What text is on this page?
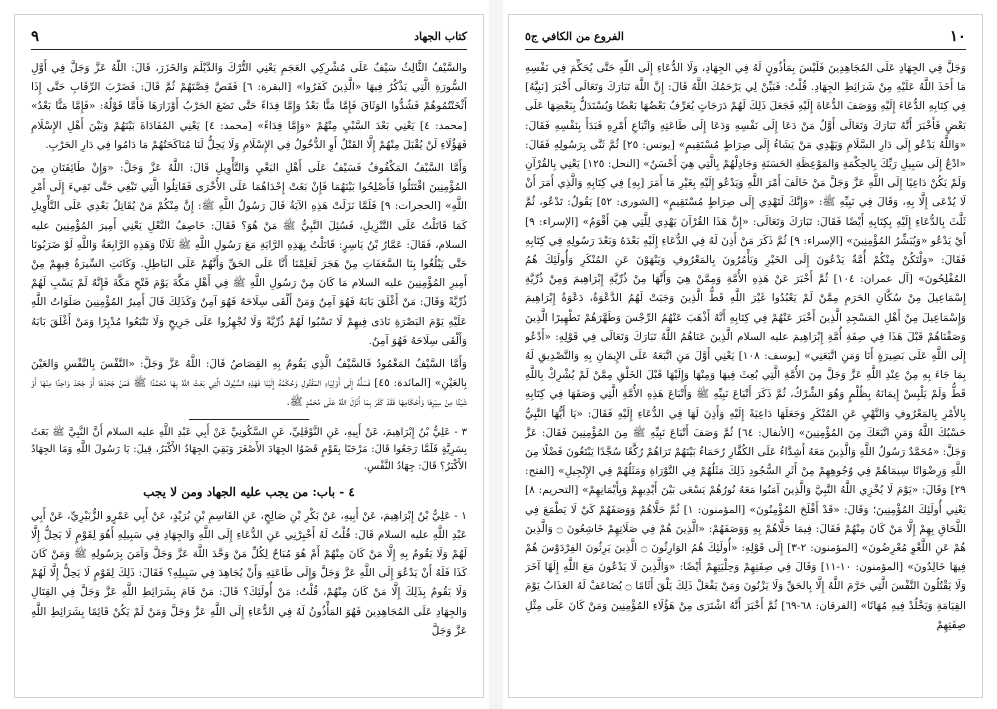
٩	كتاب الجهاد

والسَّيْفُ الثَّالِثُ سَيْفٌ عَلَى مُشْرِكِي العَجَمِ يَعْنِي التُّرْكَ وَالدَّيْلَمَ وَالخَزَرَ، قَالَ: اللَّهُ عَزَّ وَجَلَّ فِي أَوَّلِ السُّورَةِ الَّتِي يَذْكُرُ فِيهَا «الَّذِينَ كَفَرُوا» [البقرة: ٦] فَقَصَّ قِصَّتَهُمْ ثُمَّ قَالَ: فَضَرْبَ الرِّقَابِ حَتَّى إِذَا أَثْخَنْتُمُوهُمْ فَشُدُّوا الوَثَاقَ فَإِمَّا مَنًّا بَعْدُ وَإِمَّا فِدَاءً حَتَّى تَضَعَ الحَرْبُ أَوْزَارَهَا فَأَمَّا قَوْلُهُ: «فَإِمَّا مَنًّا بَعْدُ» [محمد: ٤] يَعْنِي بَعْدَ السَّبْيِ مِنْهُمْ «وَإِمَّا فِدَاءً» [محمد: ٤] يَعْنِي المُفَادَاةَ بَيْنَهُمْ وَبَيْنَ أَهْلِ الإِسْلَامِ فَهَؤُلَاءِ لَنْ يُقْبَلَ مِنْهُمْ إِلَّا القَتْلُ أَوِ الدُّخُولُ فِي الإِسْلَامِ وَلَا يَحِلُّ لَنَا مُنَاكَحَتُهُمْ مَا دَامُوا فِي دَارِ الحَرْبِ.

وَأَمَّا السَّيْفُ المَكْفُوفُ فَسَيْفٌ عَلَى أَهْلِ البَغْيِ وَالتَّأْوِيلِ قَالَ: اللَّهُ عَزَّ وَجَلَّ: «وَإِنْ طَائِفَتَانِ مِنَ المُؤْمِنِينَ اقْتَتَلُوا فَأَصْلِحُوا بَيْنَهُمَا فَإِنْ بَغَتْ إِحْدَاهُمَا عَلَى الأُخْرَى فَقَاتِلُوا الَّتِي تَبْغِي حَتَّى تَفِيءَ إِلَى أَمْرِ اللَّهِ» [الحجرات: ٩] فَلَمَّا نَزَلَتْ هَذِهِ الآيَةُ قَالَ رَسُولُ اللَّهِ ﷺ: إِنَّ مِنْكُمْ مَنْ يُقَاتِلُ بَعْدِي عَلَى التَّأْوِيلِ كَمَا قَاتَلْتُ عَلَى التَّنْزِيلِ، فَسُئِلَ النَّبِيُّ ﷺ مَنْ هُوَ؟ فَقَالَ: خَاصِفُ النَّعْلِ يَعْنِي أَمِيرَ المُؤْمِنِينَ عليه السلام، فَقَالَ: عَمَّارُ بْنُ يَاسِرٍ: قَاتَلْتُ بِهَذِهِ الرَّايَةِ مَعَ رَسُولِ اللَّهِ ﷺ ثَلَاثًا وَهَذِهِ الرَّابِعَةُ وَاللَّهِ لَوْ ضَرَبُونَا حَتَّى يَبْلُغُوا بِنَا السَّعَفَاتِ مِنْ هَجَرَ لَعَلِمْنَا أَنَّا عَلَى الحَقِّ وَأَنَّهُمْ عَلَى البَاطِلِ. وَكَانَتِ السِّيرَةُ فِيهِمْ مِنْ أَمِيرِ المُؤْمِنِينَ عليه السلام مَا كَانَ مِنْ رَسُولِ اللَّهِ ﷺ فِي أَهْلِ مَكَّةَ يَوْمَ فَتْحِ مَكَّةَ فَإِنَّهُ لَمْ يَسْبِ لَهُمْ ذُرِّيَّةً وَقَالَ: مَنْ أَغْلَقَ بَابَهُ فَهُوَ آمِنٌ وَمَنْ أَلْقَى سِلَاحَهُ فَهُوَ آمِنٌ وَكَذَلِكَ قَالَ أَمِيرُ المُؤْمِنِينَ صَلَوَاتُ اللَّهِ عَلَيْهِ يَوْمَ البَصْرَةِ نَادَى فِيهِمْ لَا تَسْبُوا لَهُمْ ذُرِّيَّةً وَلَا تُجْهِزُوا عَلَى جَرِيحٍ وَلَا تَتْبَعُوا مُدْبِرًا وَمَنْ أَغْلَقَ بَابَهُ وَأَلْقَى سِلَاحَهُ فَهُوَ آمِنٌ.

وَأَمَّا السَّيْفُ المَغْمُودُ فَالسَّيْفُ الَّذِي يَقُومُ بِهِ القِصَاصُ قَالَ: اللَّهُ عَزَّ وَجَلَّ: «النَّفْسَ بِالنَّفْسِ وَالعَيْنَ بِالعَيْنِ» [المائدة: ٤٥] فَسَلُّهُ إِلَى أَوْلِيَاءِ المَقْتُولِ وَحُكْمُهُ إِلَيْنَا فَهَذِهِ السُّيُوفُ الَّتِي بَعَثَ اللَّهُ بِهَا مُحَمَّدًا ﷺ فَمَنْ جَحَدَهَا أَوْ جَحَدَ وَاحِدًا مِنْهَا أَوْ شَيْئًا مِنْ سِيَرِهَا وَأَحْكَامِهَا فَقَدْ كَفَرَ بِمَا أَنْزَلَ اللَّهُ عَلَى مُحَمَّدٍ ﷺ.

٣ - عَلِيُّ بْنُ إِبْرَاهِيمَ، عَنْ أَبِيهِ، عَنِ النَّوْفَلِيِّ، عَنِ السَّكُونِيِّ عَنْ أَبِي عَبْدِ اللَّهِ عليه السلام أَنَّ النَّبِيَّ ﷺ بَعَثَ بِسَرِيَّةٍ فَلَمَّا رَجَعُوا قَالَ: مَرْحَبًا بِقَوْمٍ قَضَوُا الجِهَادَ الأَصْغَرَ وَبَقِيَ الجِهَادُ الأَكْبَرُ، قِيلَ: يَا رَسُولَ اللَّهِ وَمَا الجِهَادُ الأَكْبَرُ؟ قَالَ: جِهَادُ النَّفْسِ.

٤ - باب: من يجب عليه الجهاد ومن لا يجب

١ - عَلِيُّ بْنُ إِبْرَاهِيمَ، عَنْ أَبِيهِ، عَنْ بَكْرِ بْنِ صَالِحٍ، عَنِ القَاسِمِ بْنِ بُرَيْدٍ، عَنْ أَبِي عَمْرٍو الزُّبَيْرِيِّ، عَنْ أَبِي عَبْدِ اللَّهِ عليه السلام قَالَ: قُلْتُ لَهُ أَخْبِرْنِي عَنِ الدُّعَاءِ إِلَى اللَّهِ وَالجِهَادِ فِي سَبِيلِهِ أَهُوَ لِقَوْمٍ لَا يَحِلُّ إِلَّا لَهُمْ وَلَا يَقُومُ بِهِ إِلَّا مَنْ كَانَ مِنْهُمْ أَمْ هُوَ مُبَاحٌ لِكُلِّ مَنْ وَحَّدَ اللَّهَ عَزَّ وَجَلَّ وَآمَنَ بِرَسُولِهِ ﷺ وَمَنْ كَانَ كَذَا فَلَهُ أَنْ يَدْعُوَ إِلَى اللَّهِ عَزَّ وَجَلَّ وَإِلَى طَاعَتِهِ وَأَنْ يُجَاهِدَ فِي سَبِيلِهِ؟ فَقَالَ: ذَلِكَ لِقَوْمٍ لَا يَحِلُّ إِلَّا لَهُمْ وَلَا يَقُومُ بِذَلِكَ إِلَّا مَنْ كَانَ مِنْهُمْ، قُلْتُ: مَنْ أُولَئِكَ؟ قَالَ: مَنْ قَامَ بِشَرَائِطِ اللَّهِ عَزَّ وَجَلَّ فِي القِتَالِ وَالجِهَادِ عَلَى المُجَاهِدِينَ فَهُوَ المَأْذُونُ لَهُ فِي الدُّعَاءِ إِلَى اللَّهِ عَزَّ وَجَلَّ وَمَنْ لَمْ يَكُنْ قَائِمًا بِشَرَائِطِ اللَّهِ عَزَّ وَجَلَّ

١٠
الفروع من الكافي ج٥

وَجَلَّ فِي الجِهَادِ عَلَى المُجَاهِدِينَ فَلَيْسَ بِمَأْذُونٍ لَهُ فِي الجِهَادِ، وَلَا الدُّعَاءِ إِلَى اللَّهِ حَتَّى يُحَكِّمَ فِي نَفْسِهِ مَا أَخَذَ اللَّهُ عَلَيْهِ مِنْ شَرَائِطِ الجِهَادِ. قُلْتُ: فَبَيِّنْ لِي يَرْحَمُكَ اللَّهُ قَالَ: إِنَّ اللَّهَ تَبَارَكَ وَتَعَالَى أَخْبَرَ [نَبِيَّهُ] فِي كِتَابِهِ الدُّعَاءَ إِلَيْهِ وَوَصَفَ الدُّعَاةَ إِلَيْهِ فَجَعَلَ ذَلِكَ لَهُمْ دَرَجَاتٍ يُعَرِّفُ بَعْضُهَا بَعْضًا وَيُسْتَدَلُّ بِبَعْضِهَا عَلَى بَعْضٍ فَأَخْبَرَ أَنَّهُ تَبَارَكَ وَتَعَالَى أَوَّلُ مَنْ دَعَا إِلَى نَفْسِهِ وَدَعَا إِلَى طَاعَتِهِ وَاتِّبَاعِ أَمْرِهِ فَبَدَأَ بِنَفْسِهِ فَقَالَ: «وَاللَّهُ يَدْعُو إِلَى دَارِ السَّلَامِ وَيَهْدِي مَنْ يَشَاءُ إِلَى صِرَاطٍ مُسْتَقِيمٍ» [يونس: ٢٥] ثُمَّ ثَنَّى بِرَسُولِهِ فَقَالَ: «ادْعُ إِلَى سَبِيلِ رَبِّكَ بِالحِكْمَةِ وَالمَوْعِظَةِ الحَسَنَةِ وَجَادِلْهُمْ بِالَّتِي هِيَ أَحْسَنُ» [النحل: ١٢٥] يَعْنِي بِالقُرْآنِ وَلَمْ يَكُنْ دَاعِيًا إِلَى اللَّهِ عَزَّ وَجَلَّ مَنْ خَالَفَ أَمْرَ اللَّهِ وَيَدْعُو إِلَيْهِ بِغَيْرِ مَا أَمَرَ [بِهِ] فِي كِتَابِهِ وَالَّذِي أَمَرَ أَنْ لَا يُدْعَى إِلَّا بِهِ، وَقَالَ فِي نَبِيِّهِ ﷺ: «وَإِنَّكَ لَتَهْدِي إِلَى صِرَاطٍ مُسْتَقِيمٍ» [الشورى: ٥٢] يَقُولُ: تَدْعُو، ثُمَّ ثَلَّثَ بِالدُّعَاءِ إِلَيْهِ بِكِتَابِهِ أَيْضًا فَقَالَ: تَبَارَكَ وَتَعَالَى: «إِنَّ هَذَا القُرْآنَ يَهْدِي لِلَّتِي هِيَ أَقْوَمُ» [الإسراء: ٩] أَيْ يَدْعُو «وَيُبَشِّرُ المُؤْمِنِينَ» [الإسراء: ٩] ثُمَّ ذَكَرَ مَنْ أَذِنَ لَهُ فِي الدُّعَاءِ إِلَيْهِ بَعْدَهُ وَبَعْدَ رَسُولِهِ فِي كِتَابِهِ فَقَالَ: «وَلْتَكُنْ مِنْكُمْ أُمَّةٌ يَدْعُونَ إِلَى الخَيْرِ وَيَأْمُرُونَ بِالمَعْرُوفِ وَيَنْهَوْنَ عَنِ المُنْكَرِ وَأُولَئِكَ هُمُ المُفْلِحُونَ» [آل عمران: ١٠٤] ثُمَّ أَخْبَرَ عَنْ هَذِهِ الأُمَّةِ وَمِمَّنْ هِيَ وَأَنَّهَا مِنْ ذُرِّيَّةِ إِبْرَاهِيمَ وَمِنْ ذُرِّيَّةِ إِسْمَاعِيلَ مِنْ سُكَّانِ الحَرَمِ مِمَّنْ لَمْ يَعْبُدُوا غَيْرَ اللَّهِ قَطُّ الَّذِينَ وَجَبَتْ لَهُمُ الدَّعْوَةُ، دَعْوَةُ إِبْرَاهِيمَ وَإِسْمَاعِيلَ مِنْ أَهْلِ المَسْجِدِ الَّذِينَ أَخْبَرَ عَنْهُمْ فِي كِتَابِهِ أَنَّهُ أَذْهَبَ عَنْهُمُ الرِّجْسَ وَطَهَّرَهُمْ تَطْهِيرًا الَّذِينَ وَصَفْنَاهُمْ قَبْلَ هَذَا فِي صِفَةِ أُمَّةِ إِبْرَاهِيمَ عليه السلام الَّذِينَ عَنَاهُمُ اللَّهُ تَبَارَكَ وَتَعَالَى فِي قَوْلِهِ: «أَدْعُو إِلَى اللَّهِ عَلَى بَصِيرَةٍ أَنَا وَمَنِ اتَّبَعَنِي» [يوسف: ١٠٨] يَعْنِي أَوَّلَ مَنِ اتَّبَعَهُ عَلَى الإِيمَانِ بِهِ وَالتَّصْدِيقِ لَهُ بِمَا جَاءَ بِهِ مِنْ عِنْدِ اللَّهِ عَزَّ وَجَلَّ مِنَ الأُمَّةِ الَّتِي بُعِثَ فِيهَا وَمِنْهَا وَإِلَيْهَا قَبْلَ الخَلْقِ مِمَّنْ لَمْ يُشْرِكْ بِاللَّهِ قَطُّ وَلَمْ يَلْبِسْ إِيمَانَهُ بِظُلْمٍ وَهُوَ الشِّرْكُ، ثُمَّ ذَكَرَ أَتْبَاعَ نَبِيِّهِ ﷺ وَأَتْبَاعَ هَذِهِ الأُمَّةِ الَّتِي وَصَفَهَا فِي كِتَابِهِ بِالأَمْرِ بِالمَعْرُوفِ وَالنَّهْيِ عَنِ المُنْكَرِ وَجَعَلَهَا دَاعِيَةً إِلَيْهِ وَأَذِنَ لَهَا فِي الدُّعَاءِ إِلَيْهِ فَقَالَ: «يَا أَيُّهَا النَّبِيُّ حَسْبُكَ اللَّهُ وَمَنِ اتَّبَعَكَ مِنَ المُؤْمِنِينَ» [الأنفال: ٦٤] ثُمَّ وَصَفَ أَتْبَاعَ نَبِيِّهِ ﷺ مِنَ المُؤْمِنِينَ فَقَالَ: عَزَّ وَجَلَّ: «مُحَمَّدٌ رَسُولُ اللَّهِ وَالَّذِينَ مَعَهُ أَشِدَّاءُ عَلَى الكُفَّارِ رُحَمَاءُ بَيْنَهُمْ تَرَاهُمْ رُكَّعًا سُجَّدًا يَبْتَغُونَ فَضْلًا مِنَ اللَّهِ وَرِضْوَانًا سِيمَاهُمْ فِي وُجُوهِهِمْ مِنْ أَثَرِ السُّجُودِ ذَلِكَ مَثَلُهُمْ فِي التَّوْرَاةِ وَمَثَلُهُمْ فِي الإِنْجِيلِ» [الفتح: ٢٩] وَقَالَ: «يَوْمَ لَا يُخْزِي اللَّهُ النَّبِيَّ وَالَّذِينَ آمَنُوا مَعَهُ نُورُهُمْ يَسْعَى بَيْنَ أَيْدِيهِمْ وَبِأَيْمَانِهِمْ» [التحريم: ٨] يَعْنِي أُولَئِكَ المُؤْمِنِينَ؛ وَقَالَ: «قَدْ أَفْلَحَ المُؤْمِنُونَ» [المؤمنون: ١] ثُمَّ حَلَّاهُمْ وَوَصَفَهُمْ كَيْ لَا يَطْمَعَ فِي اللَّحَاقِ بِهِمْ إِلَّا مَنْ كَانَ مِنْهُمْ فَقَالَ: فِيمَا حَلَّاهُمْ بِهِ وَوَصَفَهُمْ: «الَّذِينَ هُمْ فِي صَلَاتِهِمْ خَاشِعُونَ ۝ وَالَّذِينَ هُمْ عَنِ اللَّغْوِ مُعْرِضُونَ» [المؤمنون: ٢-٣] إِلَى قَوْلِهِ: «أُولَئِكَ هُمُ الوَارِثُونَ ۝ الَّذِينَ يَرِثُونَ الفِرْدَوْسَ هُمْ فِيهَا خَالِدُونَ» [المؤمنون: ١٠-١١] وَقَالَ فِي صِفَتِهِمْ وَحِلْيَتِهِمْ أَيْضًا: «وَالَّذِينَ لَا يَدْعُونَ مَعَ اللَّهِ إِلَهًا آخَرَ وَلَا يَقْتُلُونَ النَّفْسَ الَّتِي حَرَّمَ اللَّهُ إِلَّا بِالحَقِّ وَلَا يَزْنُونَ وَمَنْ يَفْعَلْ ذَلِكَ يَلْقَ أَثَامًا ۝ يُضَاعَفْ لَهُ العَذَابُ يَوْمَ القِيَامَةِ وَيَخْلُدْ فِيهِ مُهَانًا» [الفرقان: ٦٨-٦٩] ثُمَّ أَخْبَرَ أَنَّهُ اشْتَرَى مِنْ هَؤُلَاءِ المُؤْمِنِينَ وَمَنْ كَانَ عَلَى مِثْلِ صِفَتِهِمْ
